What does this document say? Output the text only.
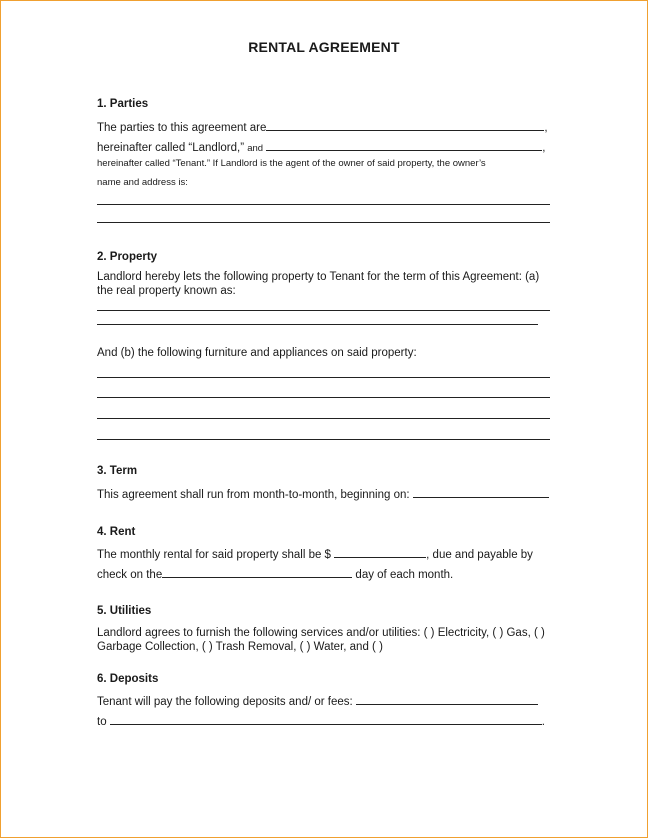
RENTAL AGREEMENT
1. Parties
The parties to this agreement are	,
hereinafter called “Landlord,” and	,
hereinafter called “Tenant.” If Landlord is the agent of the owner of said property, the owner’s
name and address is:
2. Property
Landlord hereby lets the following property to Tenant for the term of this Agreement: (a)
the real property known as:
And (b) the following furniture and appliances on said property:
3. Term
This agreement shall run from month-to-month, beginning on:
4. Rent
The monthly rental for said property shall be $	, due and payable by
check on the	day of each month.
5. Utilities
Landlord agrees to furnish the following services and/or utilities: ( ) Electricity, ( ) Gas, ( )
Garbage Collection, ( ) Trash Removal, ( ) Water, and ( )
6. Deposits
Tenant will pay the following deposits and/ or fees:
to	.
